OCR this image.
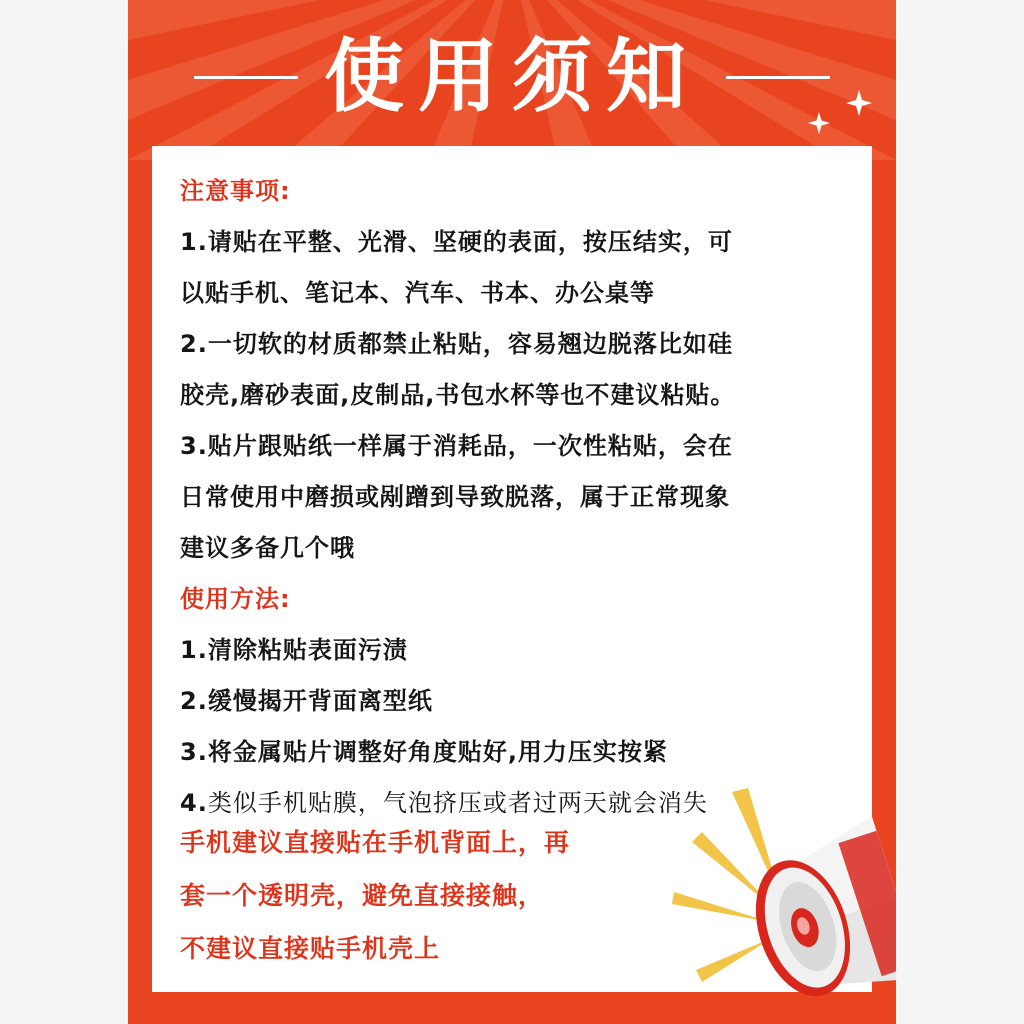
使用须知
注意事项:
1.请贴在平整、光滑、坚硬的表面，按压结实，可
以贴手机、笔记本、汽车、书本、办公桌等
2.一切软的材质都禁止粘贴，容易翘边脱落比如硅
胶壳,磨砂表面,皮制品,书包水杯等也不建议粘贴。
3.贴片跟贴纸一样属于消耗品，一次性粘贴，会在
日常使用中磨损或剐蹭到导致脱落，属于正常现象
建议多备几个哦
使用方法:
1.清除粘贴表面污渍
2.缓慢揭开背面离型纸
3.将金属贴片调整好角度贴好,用力压实按紧
4.类似手机贴膜，气泡挤压或者过两天就会消失
手机建议直接贴在手机背面上，再
套一个透明壳，避免直接接触，
不建议直接贴手机壳上
